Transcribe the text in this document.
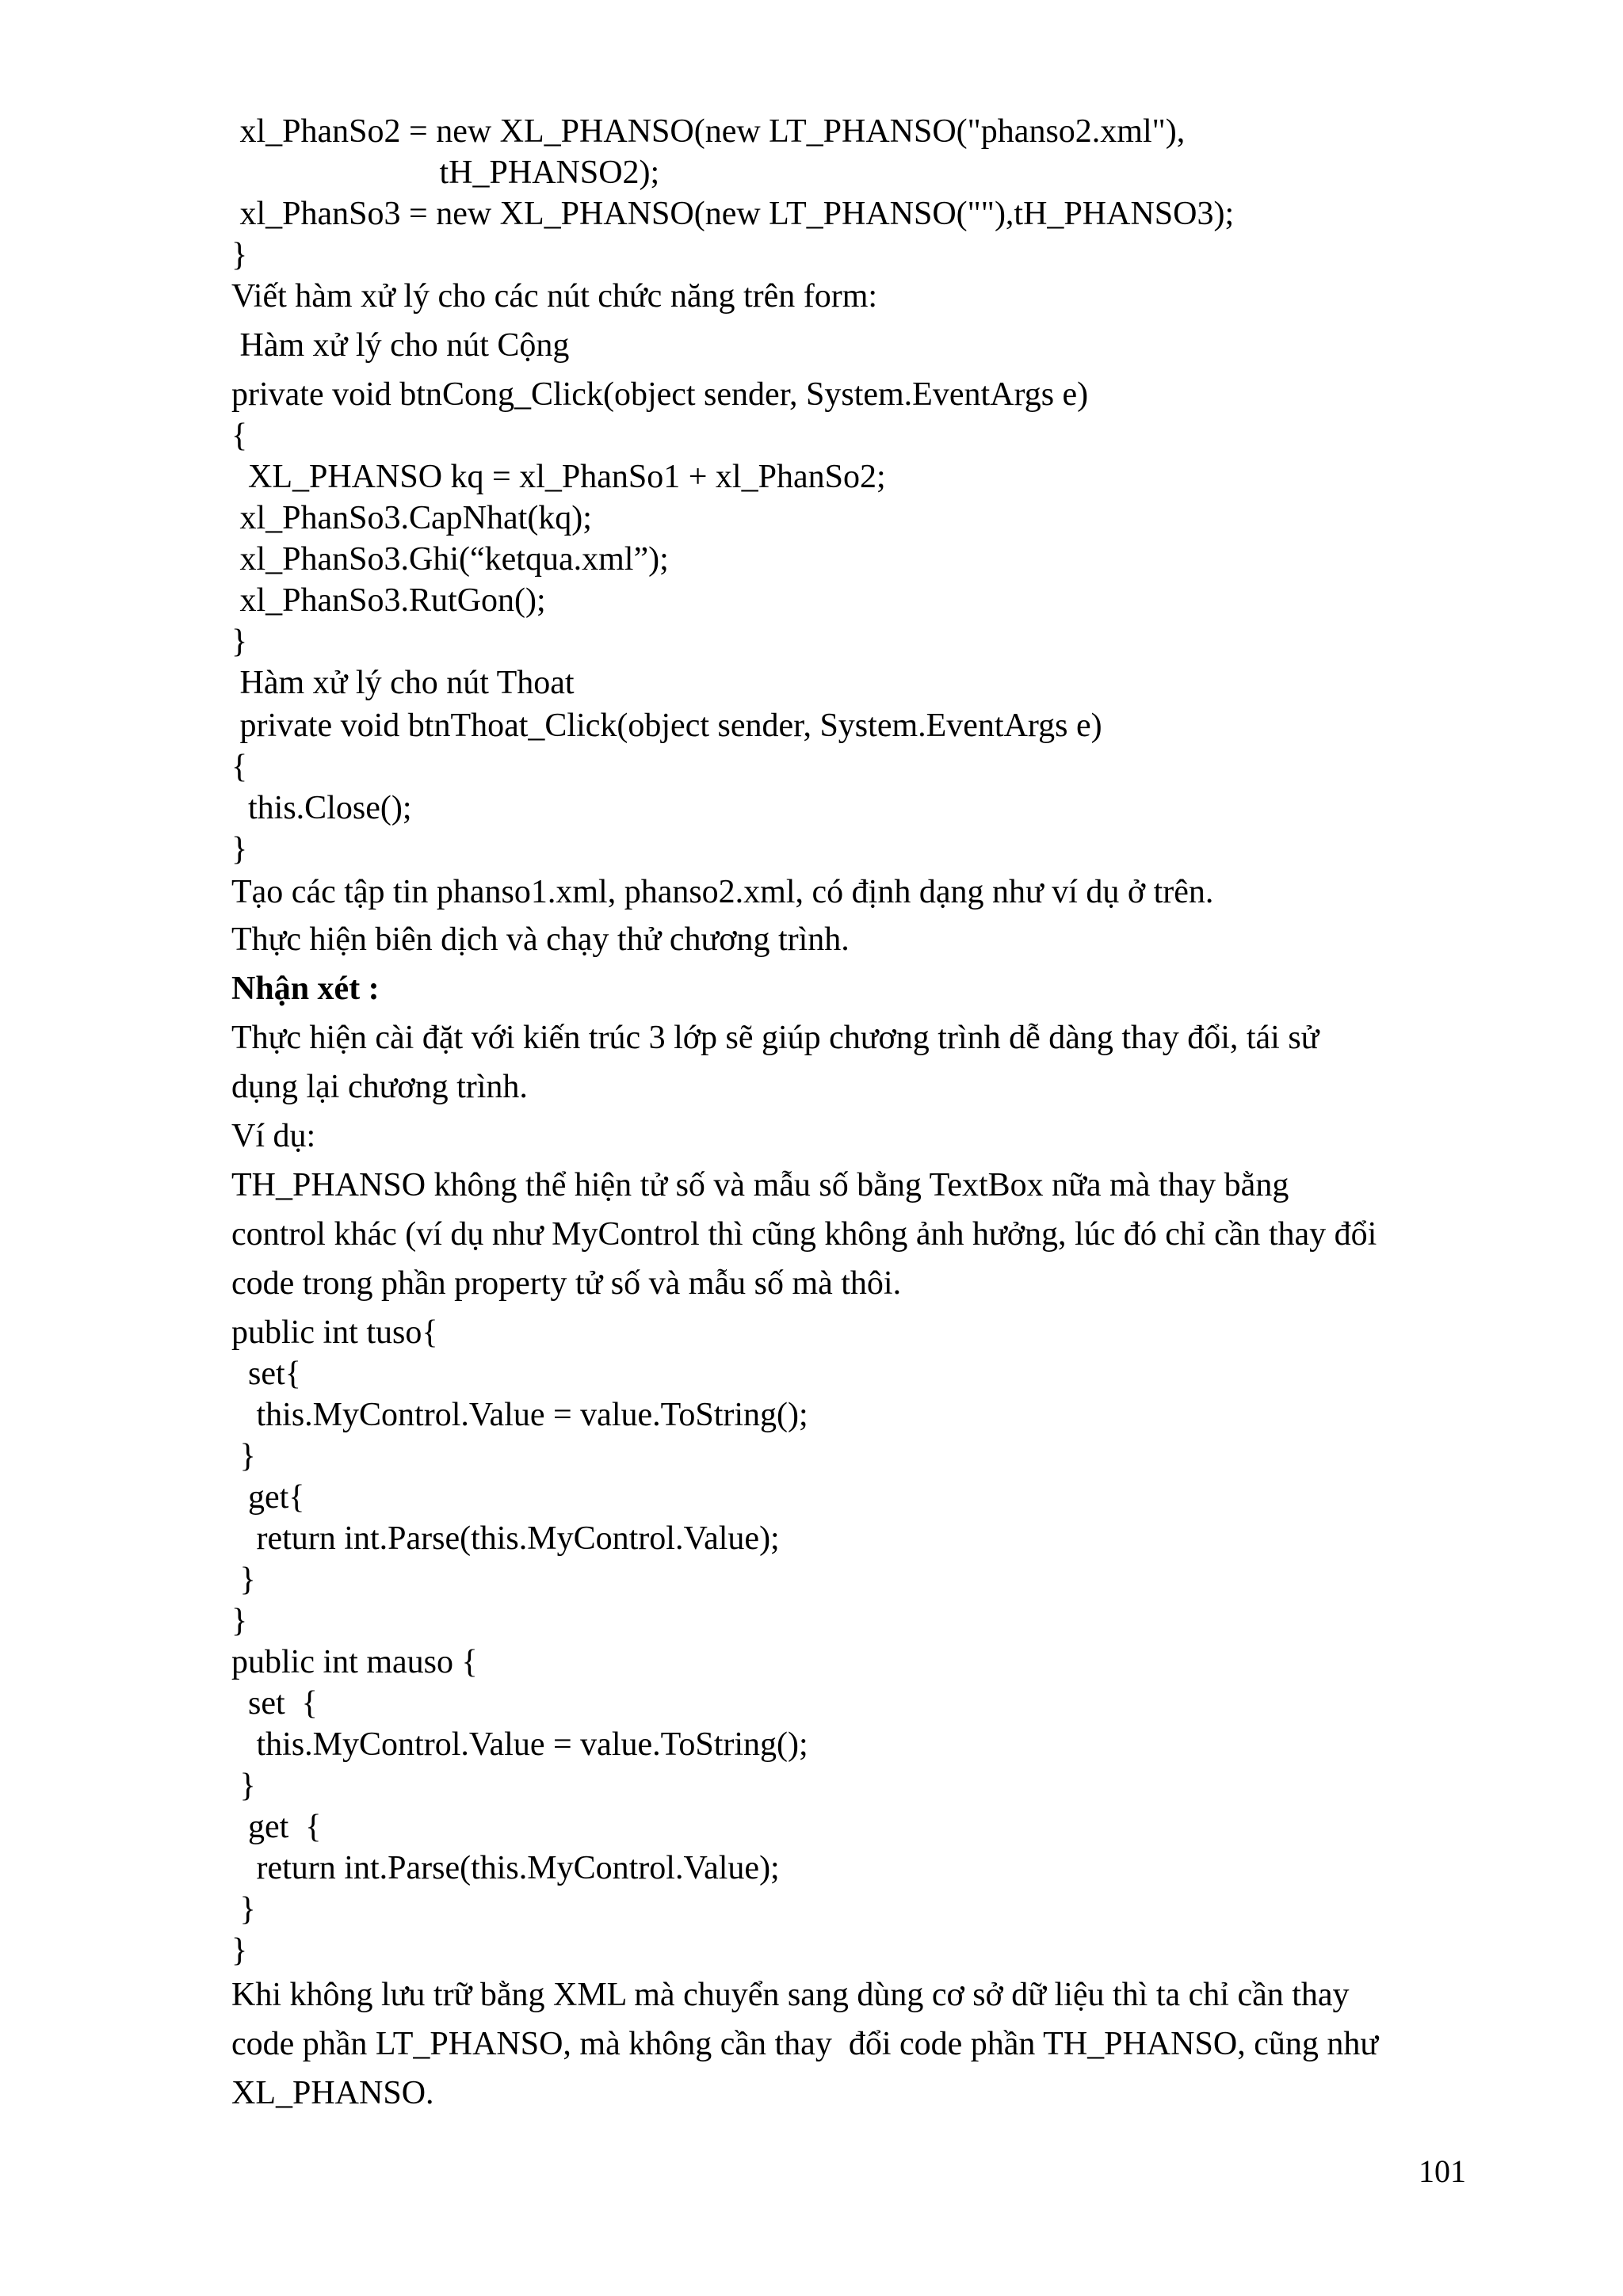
xl_PhanSo2 = new XL_PHANSO(new LT_PHANSO("phanso2.xml"),
tH_PHANSO2);
xl_PhanSo3 = new XL_PHANSO(new LT_PHANSO(""),tH_PHANSO3);
}
Viết hàm xử lý cho các nút chức năng trên form:
Hàm xử lý cho nút Cộng
private void btnCong_Click(object sender, System.EventArgs e)
{
XL_PHANSO kq = xl_PhanSo1 + xl_PhanSo2;
xl_PhanSo3.CapNhat(kq);
xl_PhanSo3.Ghi(“ketqua.xml”);
xl_PhanSo3.RutGon();
}
Hàm xử lý cho nút Thoat
private void btnThoat_Click(object sender, System.EventArgs e)
{
this.Close();
}
Tạo các tập tin phanso1.xml, phanso2.xml, có định dạng như ví dụ ở trên.
Thực hiện biên dịch và chạy thử chương trình.
Nhận xét :
Thực hiện cài đặt với kiến trúc 3 lớp sẽ giúp chương trình dễ dàng thay đổi, tái sử
dụng lại chương trình.
Ví dụ:
TH_PHANSO không thể hiện tử số và mẫu số bằng TextBox nữa mà thay bằng
control khác (ví dụ như MyControl thì cũng không ảnh hưởng, lúc đó chỉ cần thay đổi
code trong phần property tử số và mẫu số mà thôi.
public int tuso{
set{
this.MyControl.Value = value.ToString();
}
get{
return int.Parse(this.MyControl.Value);
}
}
public int mauso {
set  {
this.MyControl.Value = value.ToString();
}
get  {
return int.Parse(this.MyControl.Value);
}
}
Khi không lưu trữ bằng XML mà chuyển sang dùng cơ sở dữ liệu thì ta chỉ cần thay
code phần LT_PHANSO, mà không cần thay  đổi code phần TH_PHANSO, cũng như
XL_PHANSO.
101
